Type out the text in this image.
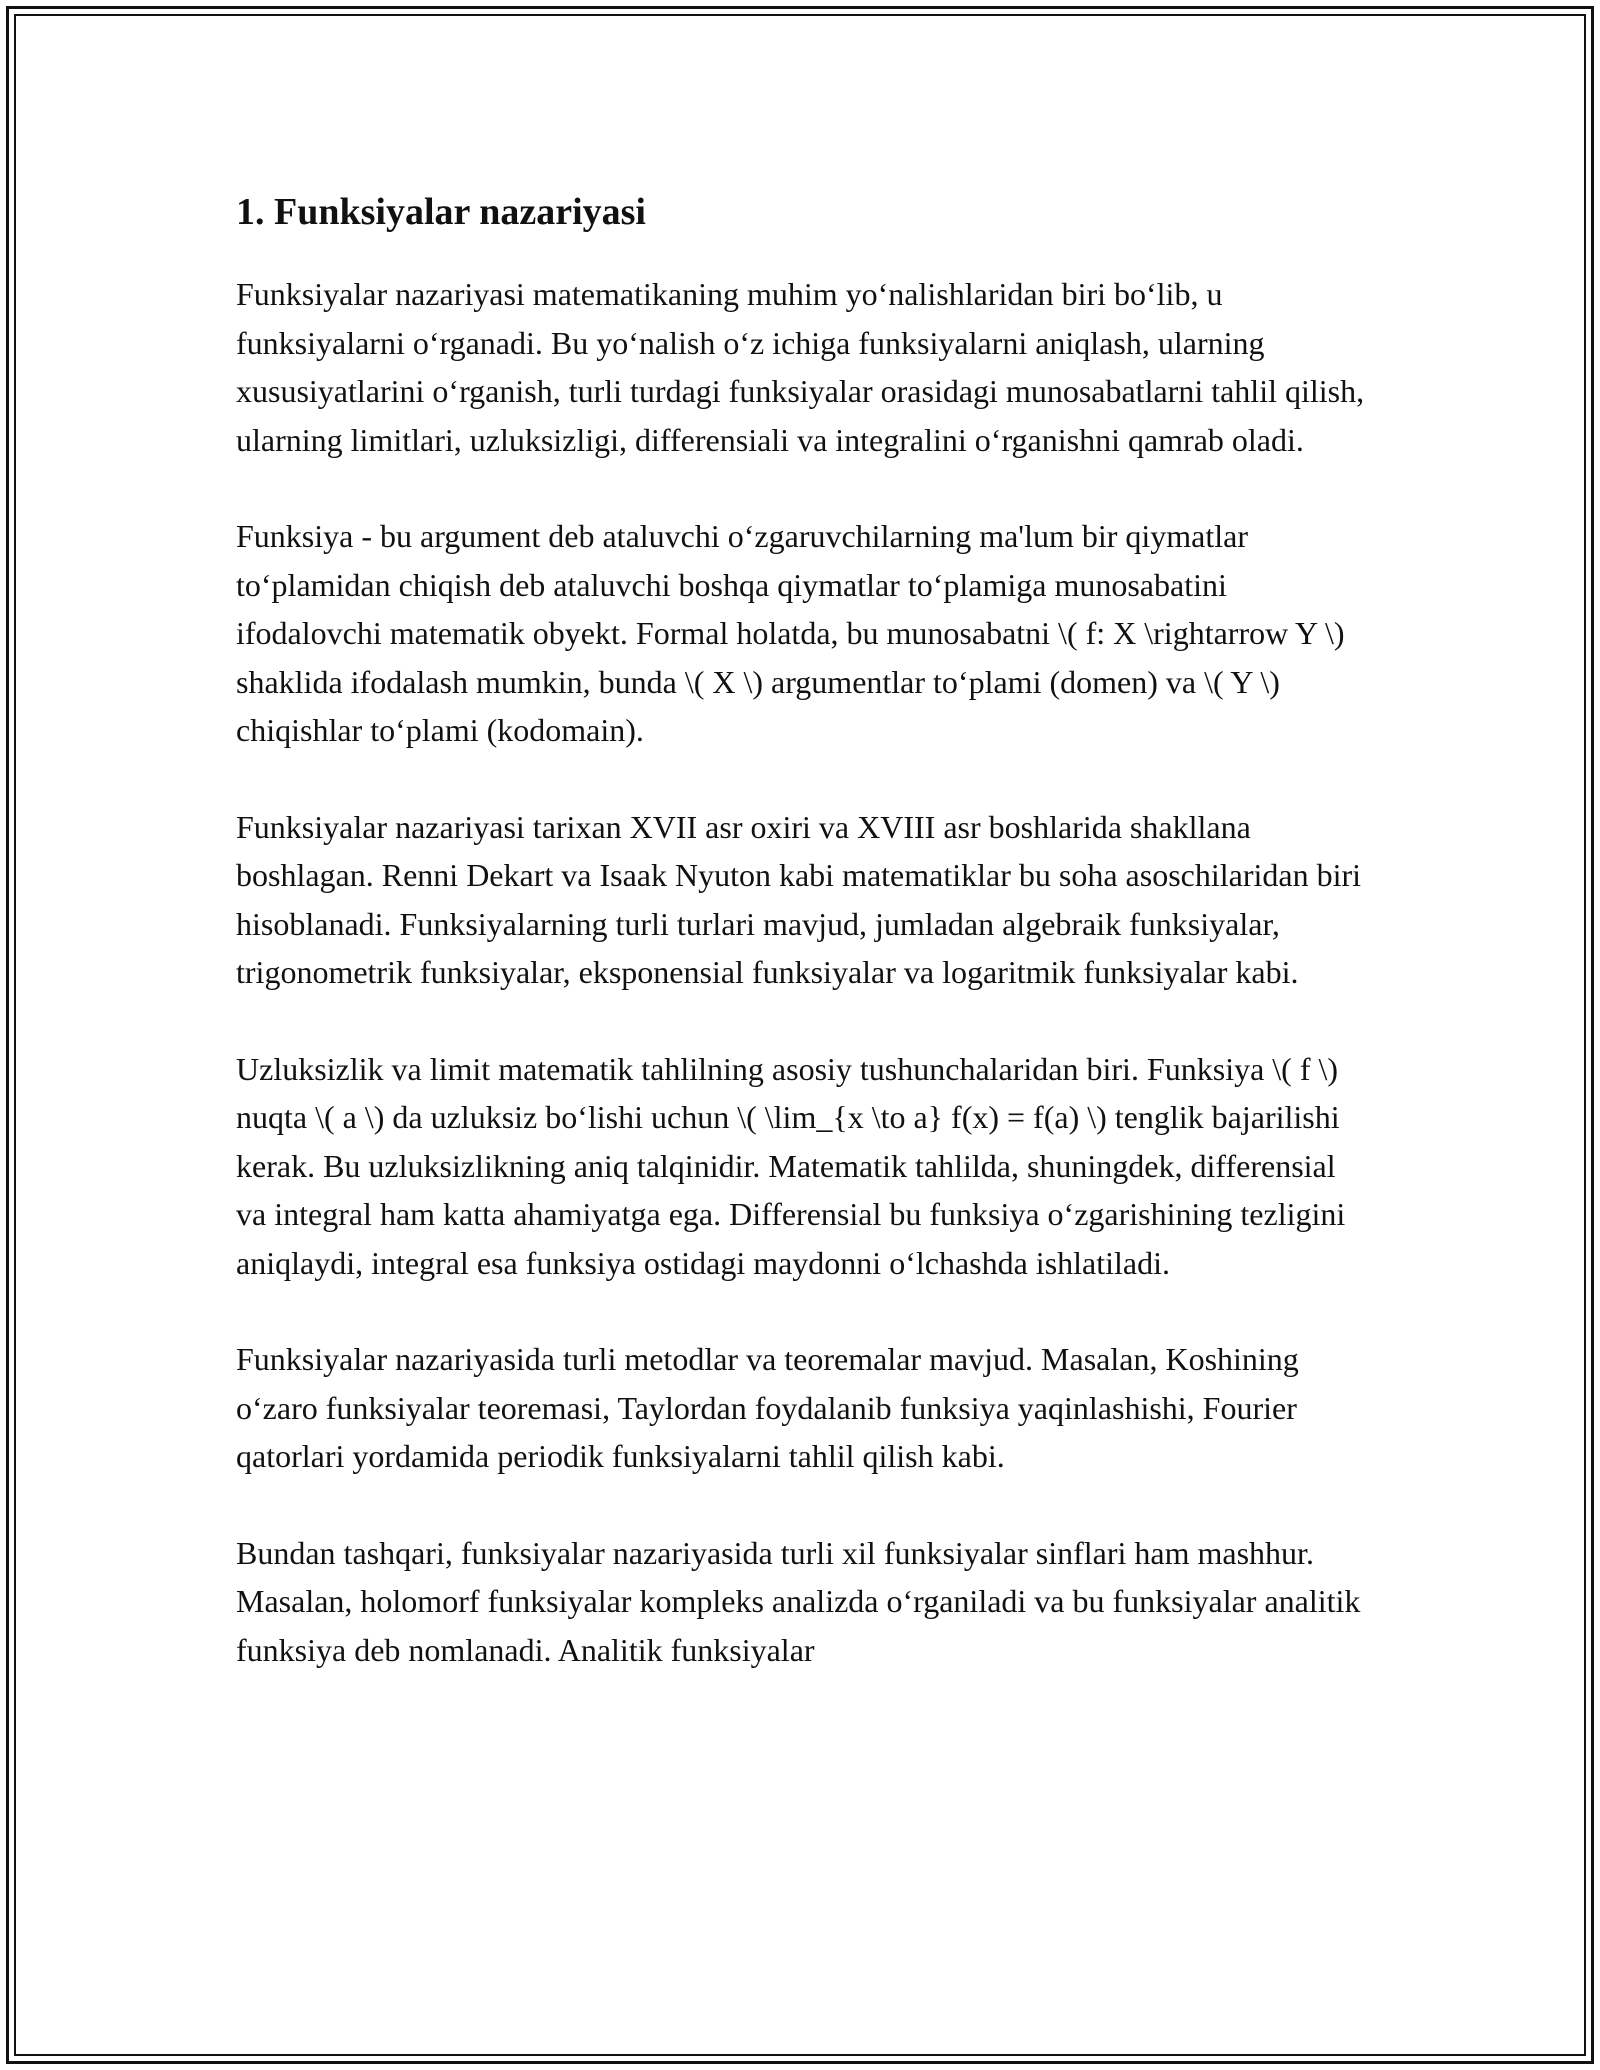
1. Funksiyalar nazariyasi

Funksiyalar nazariyasi matematikaning muhim yo‘nalishlaridan biri bo‘lib, u funksiyalarni o‘rganadi. Bu yo‘nalish o‘z ichiga funksiyalarni aniqlash, ularning xususiyatlarini o‘rganish, turli turdagi funksiyalar orasidagi munosabatlarni tahlil qilish, ularning limitlari, uzluksizligi, differensiali va integralini o‘rganishni qamrab oladi.

Funksiya - bu argument deb ataluvchi o‘zgaruvchilarning ma'lum bir qiymatlar to‘plamidan chiqish deb ataluvchi boshqa qiymatlar to‘plamiga munosabatini ifodalovchi matematik obyekt. Formal holatda, bu munosabatni \( f: X \rightarrow Y \) shaklida ifodalash mumkin, bunda \( X \) argumentlar to‘plami (domen) va \( Y \) chiqishlar to‘plami (kodomain).

Funksiyalar nazariyasi tarixan XVII asr oxiri va XVIII asr boshlarida shakllana boshlagan. Renni Dekart va Isaak Nyuton kabi matematiklar bu soha asoschilaridan biri hisoblanadi. Funksiyalarning turli turlari mavjud, jumladan algebraik funksiyalar, trigonometrik funksiyalar, eksponensial funksiyalar va logaritmik funksiyalar kabi.

Uzluksizlik va limit matematik tahlilning asosiy tushunchalaridan biri. Funksiya \( f \) nuqta \( a \) da uzluksiz bo‘lishi uchun \( \lim_{x \to a} f(x) = f(a) \) tenglik bajarilishi kerak. Bu uzluksizlikning aniq talqinidir. Matematik tahlilda, shuningdek, differensial va integral ham katta ahamiyatga ega. Differensial bu funksiya o‘zgarishining tezligini aniqlaydi, integral esa funksiya ostidagi maydonni o‘lchashda ishlatiladi.

Funksiyalar nazariyasida turli metodlar va teoremalar mavjud. Masalan, Koshining o‘zaro funksiyalar teoremasi, Taylordan foydalanib funksiya yaqinlashishi, Fourier qatorlari yordamida periodik funksiyalarni tahlil qilish kabi.

Bundan tashqari, funksiyalar nazariyasida turli xil funksiyalar sinflari ham mashhur. Masalan, holomorf funksiyalar kompleks analizda o‘rganiladi va bu funksiyalar analitik funksiya deb nomlanadi. Analitik funksiyalar
